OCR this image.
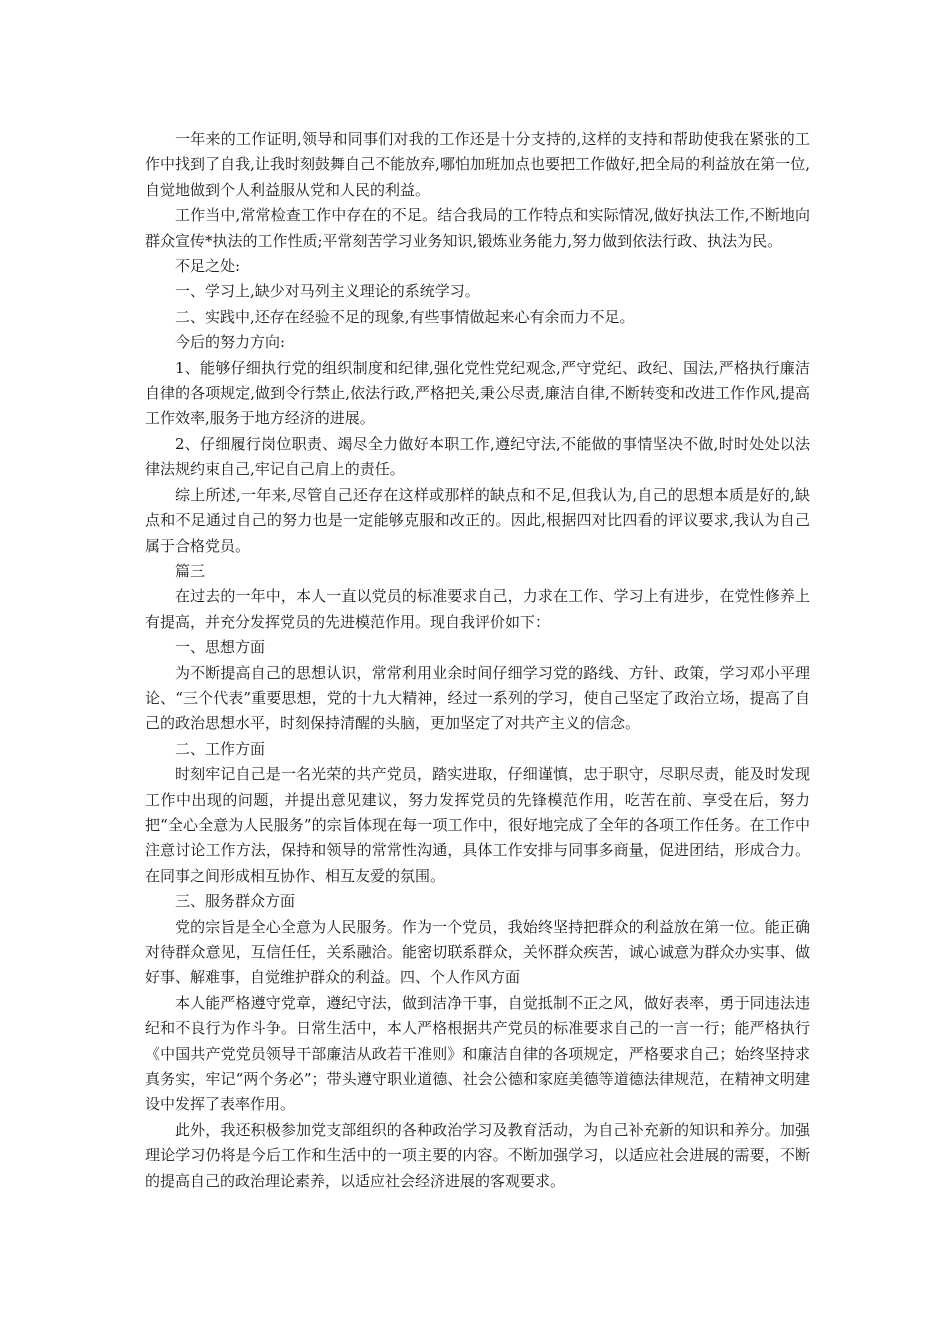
一年来的工作证明,领导和同事们对我的工作还是十分支持的,这样的支持和帮助使我在紧张的工作中找到了自我,让我时刻鼓舞自己不能放弃,哪怕加班加点也要把工作做好,把全局的利益放在第一位,自觉地做到个人利益服从党和人民的利益。

工作当中,常常检查工作中存在的不足。结合我局的工作特点和实际情况,做好执法工作,不断地向群众宣传*执法的工作性质;平常刻苦学习业务知识,锻炼业务能力,努力做到依法行政、执法为民。

不足之处:

一、学习上,缺少对马列主义理论的系统学习。

二、实践中,还存在经验不足的现象,有些事情做起来心有余而力不足。

今后的努力方向:

1、能够仔细执行党的组织制度和纪律,强化党性党纪观念,严守党纪、政纪、国法,严格执行廉洁自律的各项规定,做到令行禁止,依法行政,严格把关,秉公尽责,廉洁自律,不断转变和改进工作作风,提高工作效率,服务于地方经济的进展。

2、仔细履行岗位职责、竭尽全力做好本职工作,遵纪守法,不能做的事情坚决不做,时时处处以法律法规约束自己,牢记自己肩上的责任。

综上所述,一年来,尽管自己还存在这样或那样的缺点和不足,但我认为,自己的思想本质是好的,缺点和不足通过自己的努力也是一定能够克服和改正的。因此,根据四对比四看的评议要求,我认为自己属于合格党员。

篇三

在过去的一年中，本人一直以党员的标准要求自己，力求在工作、学习上有进步，在党性修养上有提高，并充分发挥党员的先进模范作用。现自我评价如下：

一、思想方面

为不断提高自己的思想认识，常常利用业余时间仔细学习党的路线、方针、政策，学习邓小平理论、“三个代表”重要思想，党的十九大精神，经过一系列的学习，使自己坚定了政治立场，提高了自己的政治思想水平，时刻保持清醒的头脑，更加坚定了对共产主义的信念。

二、工作方面

时刻牢记自己是一名光荣的共产党员，踏实进取，仔细谨慎，忠于职守，尽职尽责，能及时发现工作中出现的问题，并提出意见建议，努力发挥党员的先锋模范作用，吃苦在前、享受在后，努力把“全心全意为人民服务”的宗旨体现在每一项工作中，很好地完成了全年的各项工作任务。在工作中注意讨论工作方法，保持和领导的常常性沟通，具体工作安排与同事多商量，促进团结，形成合力。在同事之间形成相互协作、相互友爱的氛围。

三、服务群众方面

党的宗旨是全心全意为人民服务。作为一个党员，我始终坚持把群众的利益放在第一位。能正确对待群众意见，互信任任，关系融洽。能密切联系群众，关怀群众疾苦，诚心诚意为群众办实事、做好事、解难事，自觉维护群众的利益。四、个人作风方面

本人能严格遵守党章，遵纪守法，做到洁净干事，自觉抵制不正之风，做好表率，勇于同违法违纪和不良行为作斗争。日常生活中，本人严格根据共产党员的标准要求自己的一言一行；能严格执行《中国共产党党员领导干部廉洁从政若干准则》和廉洁自律的各项规定，严格要求自己；始终坚持求真务实，牢记“两个务必”；带头遵守职业道德、社会公德和家庭美德等道德法律规范，在精神文明建设中发挥了表率作用。

此外，我还积极参加党支部组织的各种政治学习及教育活动，为自己补充新的知识和养分。加强理论学习仍将是今后工作和生活中的一项主要的内容。不断加强学习，以适应社会进展的需要，不断的提高自己的政治理论素养，以适应社会经济进展的客观要求。
